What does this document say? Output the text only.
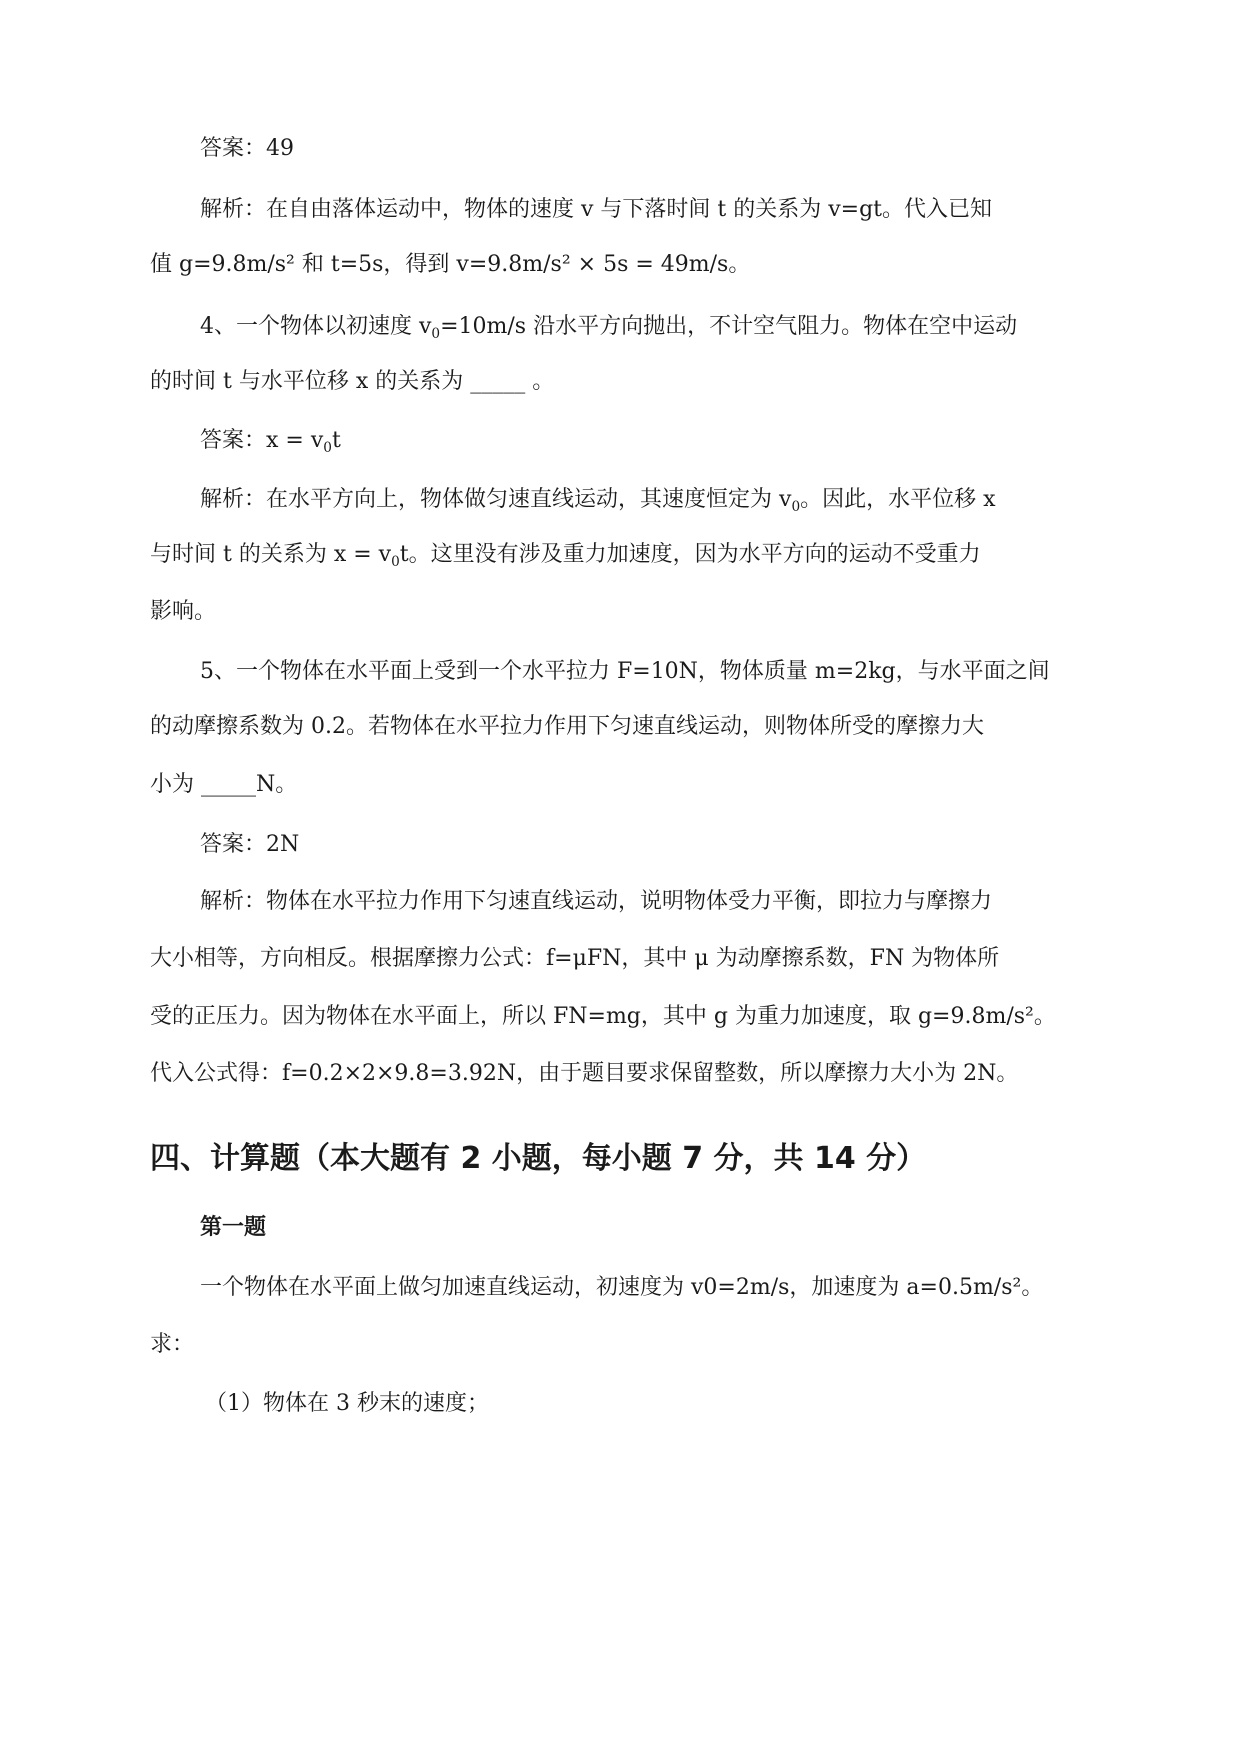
答案：49
解析：在自由落体运动中，物体的速度 v 与下落时间 t 的关系为 v=gt。代入已知
值 g=9.8m/s² 和 t=5s，得到 v=9.8m/s² × 5s = 49m/s。
4、一个物体以初速度 $v_0=10m/s$ 沿水平方向抛出，不计空气阻力。物体在空中运动
的时间 t 与水平位移 x 的关系为 _____ 。
答案：$x = v_0t$
解析：在水平方向上，物体做匀速直线运动，其速度恒定为 $v_0$。因此，水平位移 x
与时间 t 的关系为 $x = v_0t$。这里没有涉及重力加速度，因为水平方向的运动不受重力
影响。
5、一个物体在水平面上受到一个水平拉力 F=10N，物体质量 m=2kg，与水平面之间
的动摩擦系数为 0.2。若物体在水平拉力作用下匀速直线运动，则物体所受的摩擦力大
小为 _____N。
答案：2N
解析：物体在水平拉力作用下匀速直线运动，说明物体受力平衡，即拉力与摩擦力
大小相等，方向相反。根据摩擦力公式：f=μFN，其中 μ 为动摩擦系数，FN 为物体所
受的正压力。因为物体在水平面上，所以 FN=mg，其中 g 为重力加速度，取 g=9.8m/s²。
代入公式得：f=0.2×2×9.8=3.92N，由于题目要求保留整数，所以摩擦力大小为 2N。
四、计算题（本大题有 2 小题，每小题 7 分，共 14 分）
第一题
一个物体在水平面上做匀加速直线运动，初速度为 v0=2m/s，加速度为 a=0.5m/s²。
求：
（1）物体在 3 秒末的速度；
